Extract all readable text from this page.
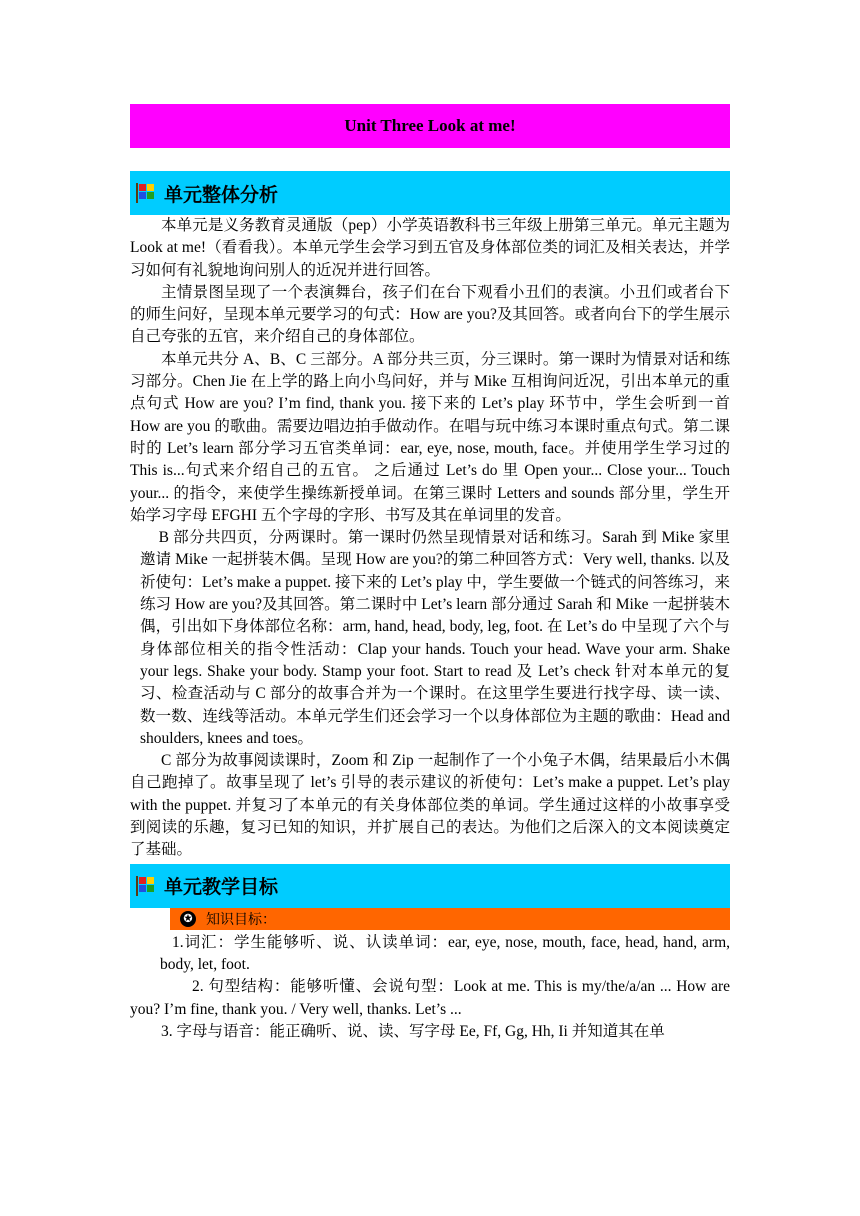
Unit Three Look at me!
单元整体分析

本单元是义务教育灵通版（pep）小学英语教科书三年级上册第三单元。单元主题为 Look at me!（看看我）。本单元学生会学习到五官及身体部位类的词汇及相关表达，并学习如何有礼貌地询问别人的近况并进行回答。

主情景图呈现了一个表演舞台，孩子们在台下观看小丑们的表演。小丑们或者台下的师生问好，呈现本单元要学习的句式：How are you?及其回答。或者向台下的学生展示自己夸张的五官，来介绍自己的身体部位。

本单元共分 A、B、C 三部分。A 部分共三页，分三课时。第一课时为情景对话和练习部分。Chen Jie 在上学的路上向小鸟问好，并与 Mike 互相询问近况，引出本单元的重点句式 How are you? I’m find, thank you. 接下来的 Let’s play 环节中，学生会听到一首 How are you 的歌曲。需要边唱边拍手做动作。在唱与玩中练习本课时重点句式。第二课时的 Let’s learn 部分学习五官类单词：ear, eye, nose, mouth, face。并使用学生学习过的 This is...句式来介绍自己的五官。 之后通过 Let’s do 里 Open your... Close your... Touch your... 的指令，来使学生操练新授单词。在第三课时 Letters and sounds 部分里，学生开始学习字母 EFGHI 五个字母的字形、书写及其在单词里的发音。

B 部分共四页，分两课时。第一课时仍然呈现情景对话和练习。Sarah 到 Mike 家里邀请 Mike 一起拼装木偶。呈现 How are you?的第二种回答方式：Very well, thanks. 以及祈使句：Let’s make a puppet. 接下来的 Let’s play 中，学生要做一个链式的问答练习，来练习 How are you?及其回答。第二课时中 Let’s learn 部分通过 Sarah 和 Mike 一起拼装木偶，引出如下身体部位名称：arm, hand, head, body, leg, foot. 在 Let’s do 中呈现了六个与身体部位相关的指令性活动：Clap your hands. Touch your head. Wave your arm. Shake your legs. Shake your body. Stamp your foot. Start to read 及 Let’s check 针对本单元的复习、检查活动与 C 部分的故事合并为一个课时。在这里学生要进行找字母、读一读、数一数、连线等活动。本单元学生们还会学习一个以身体部位为主题的歌曲：Head and shoulders, knees and toes。

C 部分为故事阅读课时，Zoom 和 Zip 一起制作了一个小兔子木偶，结果最后小木偶自己跑掉了。故事呈现了 let’s 引导的表示建议的祈使句：Let’s make a puppet. Let’s play with the puppet. 并复习了本单元的有关身体部位类的单词。学生通过这样的小故事享受到阅读的乐趣，复习已知的知识，并扩展自己的表达。为他们之后深入的文本阅读奠定了基础。

单元教学目标
✪ 知识目标：

1.词汇：学生能够听、说、认读单词：ear, eye, nose, mouth, face, head, hand, arm, body, let, foot.

2. 句型结构：能够听懂、会说句型：Look at me. This is my/the/a/an ... How are you? I’m fine, thank you. / Very well, thanks. Let’s ...

3. 字母与语音：能正确听、说、读、写字母 Ee, Ff, Gg, Hh, Ii 并知道其在单
